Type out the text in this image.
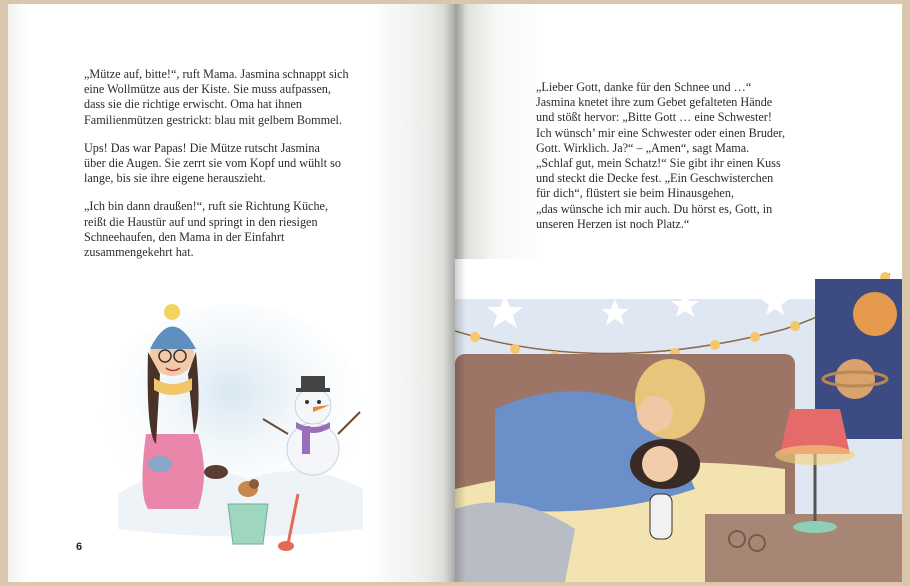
„Mütze auf, bitte!“, ruft Mama. Jasmina schnappt sich
eine Wollmütze aus der Kiste. Sie muss aufpassen,
dass sie die richtige erwischt. Oma hat ihnen
Familienmützen gestrickt: blau mit gelbem Bommel.

Ups! Das war Papas! Die Mütze rutscht Jasmina
über die Augen. Sie zerrt sie vom Kopf und wühlt so
lange, bis sie ihre eigene herauszieht.

„Ich bin dann draußen!“, ruft sie Richtung Küche,
reißt die Haustür auf und springt in den riesigen
Schneehaufen, den Mama in der Einfahrt
zusammengekehrt hat.

6

„Lieber Gott, danke für den Schnee und …“
Jasmina knetet ihre zum Gebet gefalteten Hände
und stößt hervor: „Bitte Gott … eine Schwester!
Ich wünsch’ mir eine Schwester oder einen Bruder,
Gott. Wirklich. Ja?“ – „Amen“, sagt Mama.
„Schlaf gut, mein Schatz!“ Sie gibt ihr einen Kuss
und steckt die Decke fest. „Ein Geschwisterchen
für dich“, flüstert sie beim Hinausgehen,
„das wünsche ich mir auch. Du hörst es, Gott, in
unseren Herzen ist noch Platz.“
